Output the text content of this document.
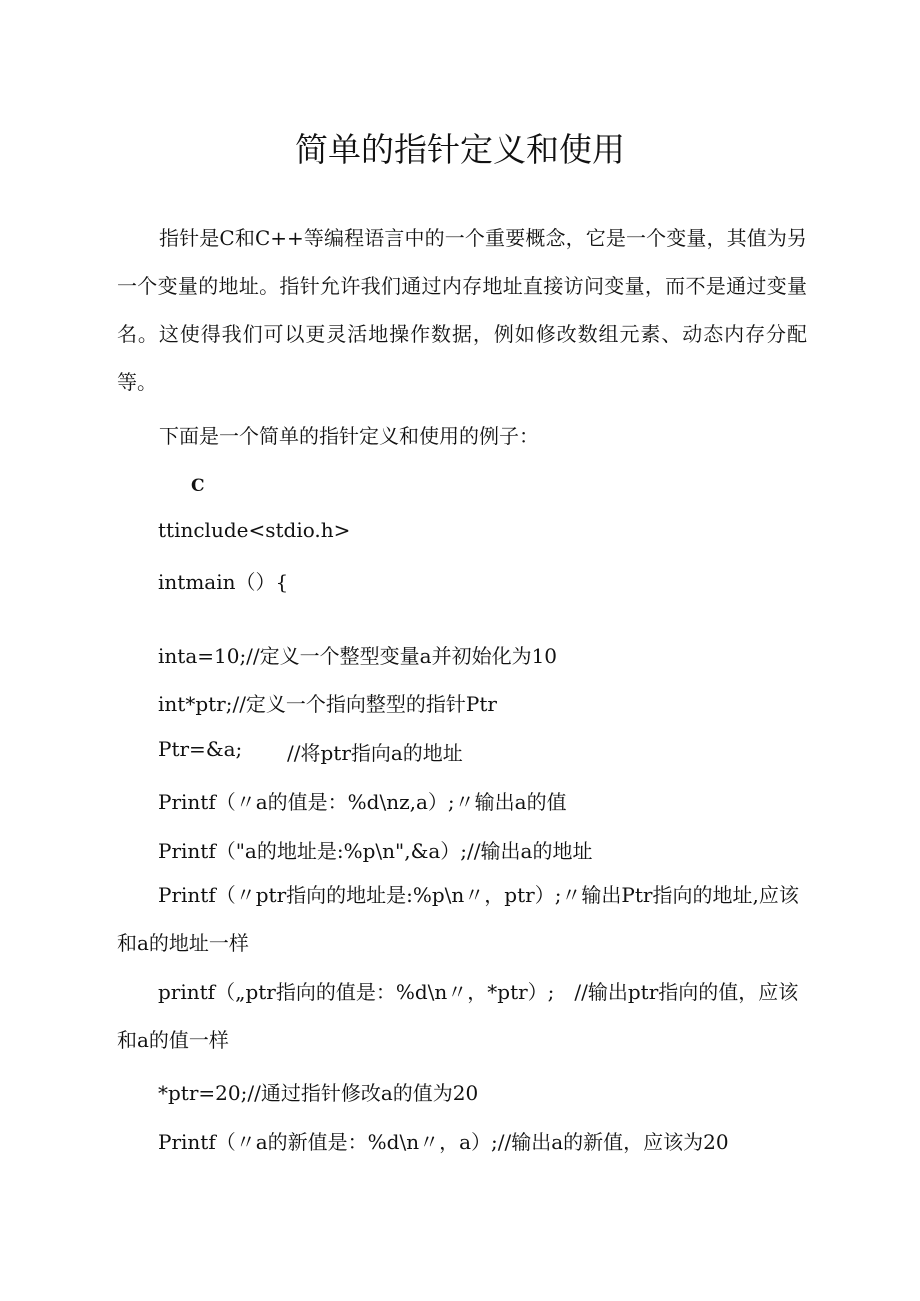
简单的指针定义和使用
指针是C和C++等编程语言中的一个重要概念，它是一个变量，其值为另一个变量的地址。指针允许我们通过内存地址直接访问变量，而不是通过变量名。这使得我们可以更灵活地操作数据，例如修改数组元素、动态内存分配等。
下面是一个简单的指针定义和使用的例子：
C
ttinclude<stdio.h>
intmain（）{
inta=10;//定义一个整型变量a并初始化为10
int*ptr;//定义一个指向整型的指针Ptr
Ptr=&a; //将ptr指向a的地址
Printf（〃a的值是：%d\nz,a）;〃输出a的值
Printf（"a的地址是:%p\n",&a）;//输出a的地址
Printf（〃ptr指向的地址是:%p\n〃，ptr）;〃输出Ptr指向的地址,应该和a的地址一样
printf（„ptr指向的值是：%d\n〃，*ptr）;　//输出ptr指向的值，应该和a的值一样
*ptr=20;//通过指针修改a的值为20
Printf（〃a的新值是：%d\n〃，a）;//输出a的新值，应该为20
